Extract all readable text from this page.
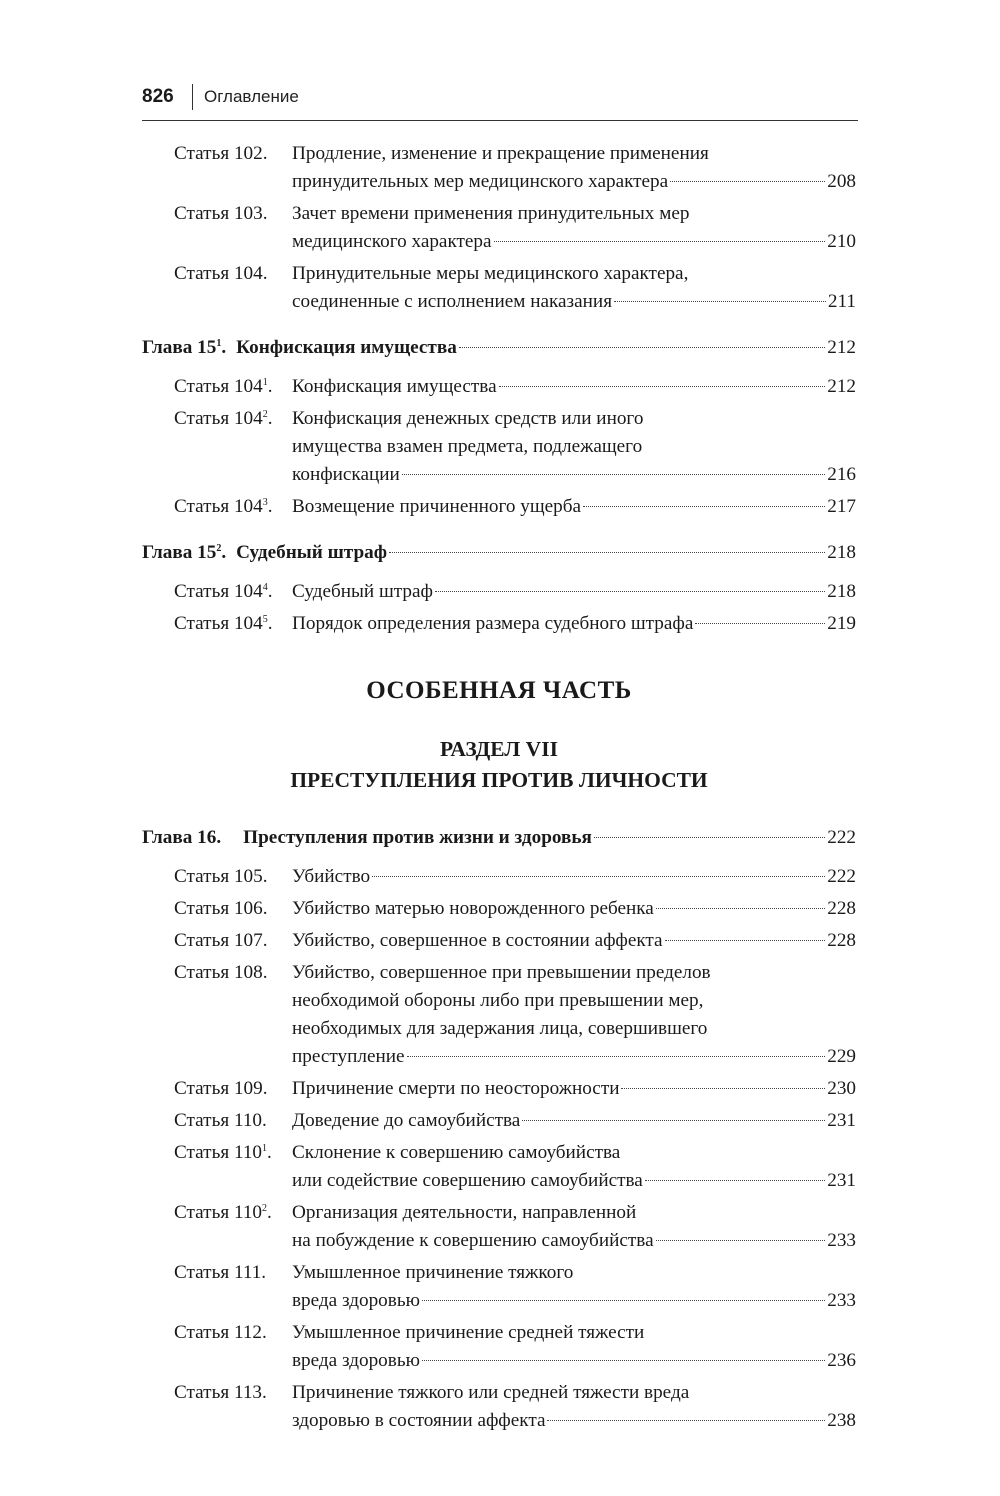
826 Оглавление
Статья 102. Продление, изменение и прекращение применения
принудительных мер медицинского характера	208
Статья 103. Зачет времени применения принудительных мер
медицинского характера	210
Статья 104. Принудительные меры медицинского характера,
соединенные с исполнением наказания	211
Глава $15^1$. Конфискация имущества	212
Статья $104^1$. Конфискация имущества	212
Статья $104^2$. Конфискация денежных средств или иного
имущества взамен предмета, подлежащего
конфискации	216
Статья $104^3$. Возмещение причиненного ущерба	217
Глава $15^2$. Судебный штраф	218
Статья $104^4$. Судебный штраф	218
Статья $104^5$. Порядок определения размера судебного штрафа	219
ОСОБЕННАЯ ЧАСТЬ
РАЗДЕЛ VII
ПРЕСТУПЛЕНИЯ ПРОТИВ ЛИЧНОСТИ
Глава 16. Преступления против жизни и здоровья	222
Статья 105. Убийство	222
Статья 106. Убийство матерью новорожденного ребенка	228
Статья 107. Убийство, совершенное в состоянии аффекта	228
Статья 108. Убийство, совершенное при превышении пределов
необходимой обороны либо при превышении мер,
необходимых для задержания лица, совершившего
преступление	229
Статья 109. Причинение смерти по неосторожности	230
Статья 110. Доведение до самоубийства	231
Статья $110^1$. Склонение к совершению самоубийства
или содействие совершению самоубийства	231
Статья $110^2$. Организация деятельности, направленной
на побуждение к совершению самоубийства	233
Статья 111. Умышленное причинение тяжкого
вреда здоровью	233
Статья 112. Умышленное причинение средней тяжести
вреда здоровью	236
Статья 113. Причинение тяжкого или средней тяжести вреда
здоровью в состоянии аффекта	238
